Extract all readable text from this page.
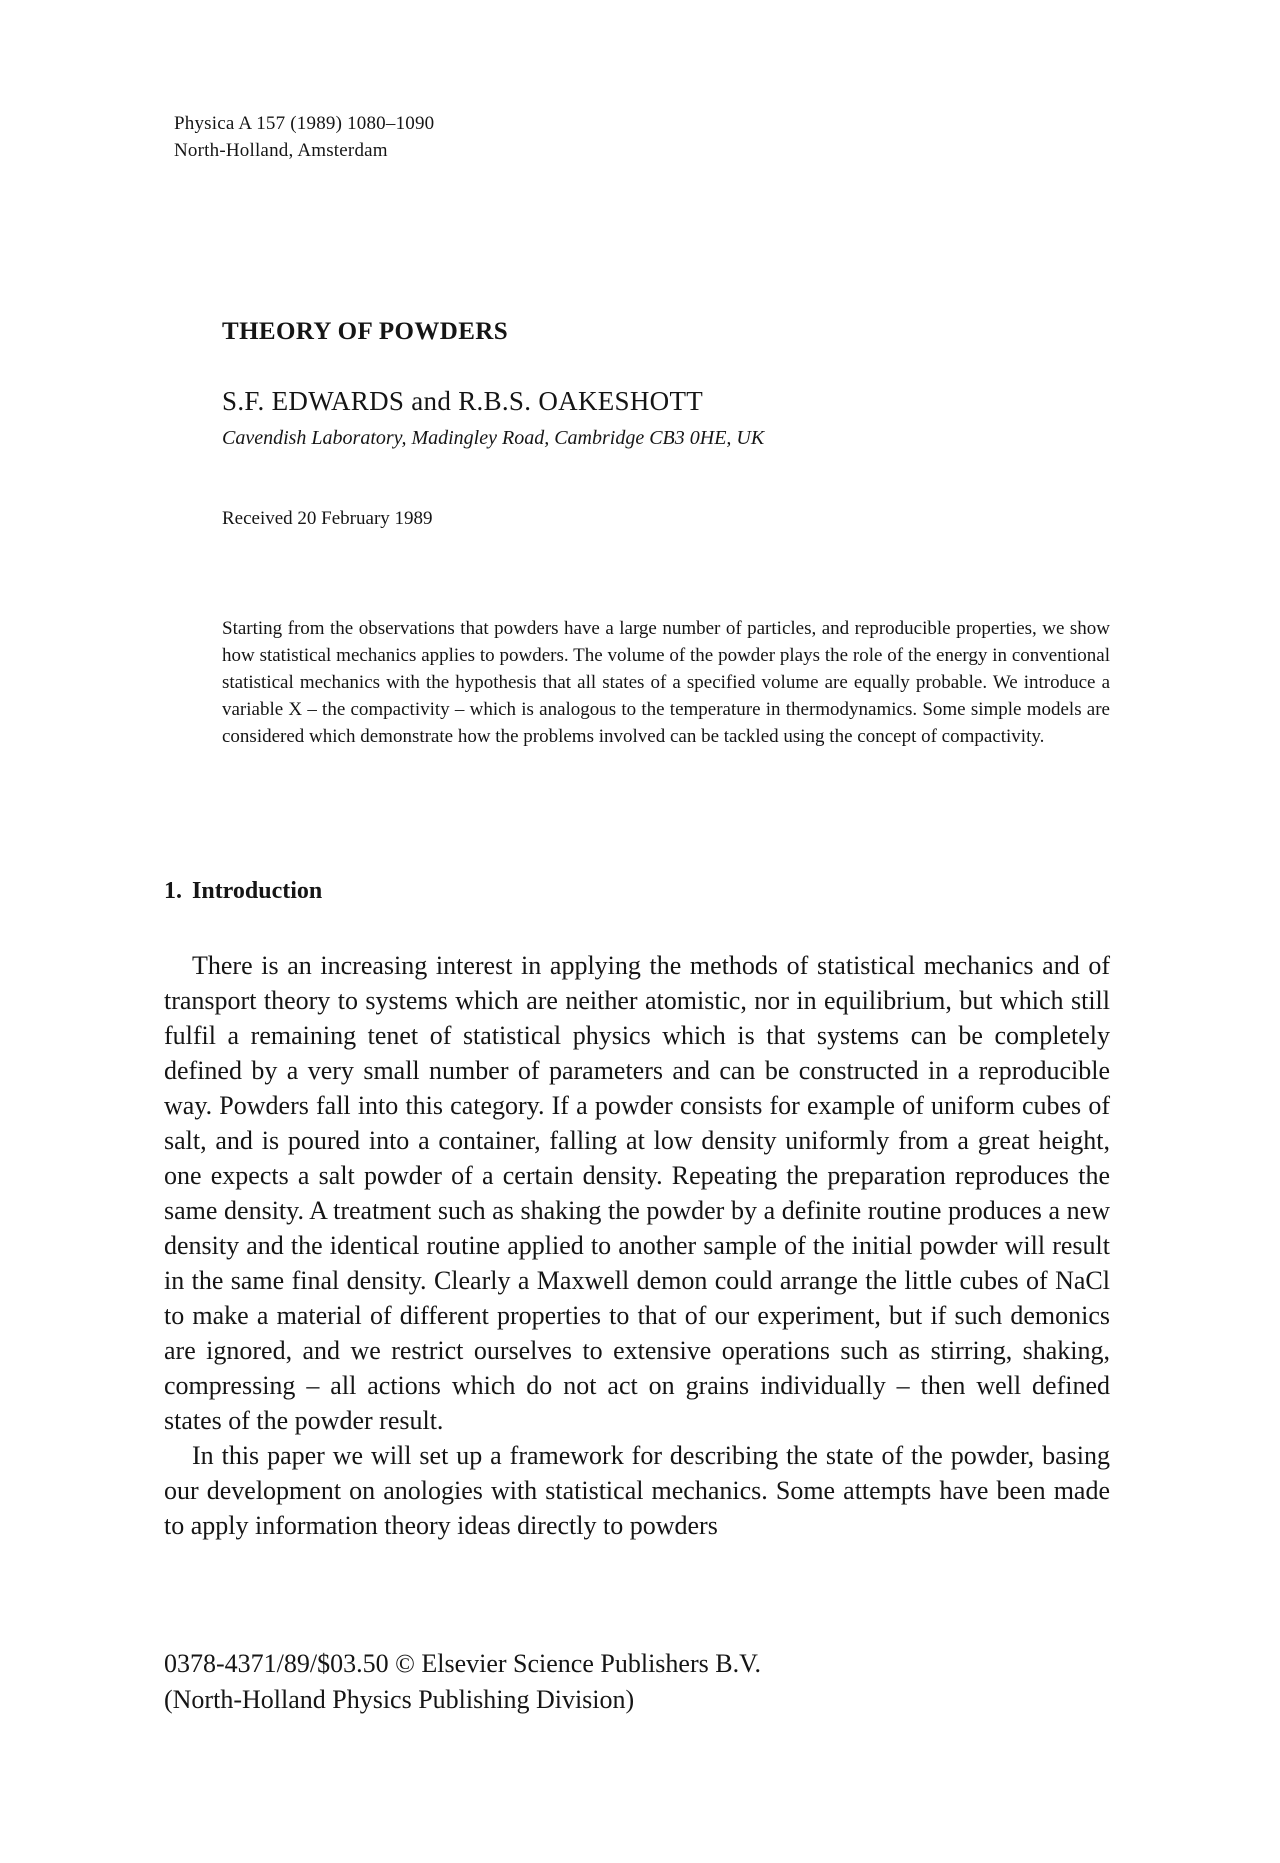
Physica A 157 (1989) 1080–1090
North-Holland, Amsterdam
THEORY OF POWDERS
S.F. EDWARDS and R.B.S. OAKESHOTT
Cavendish Laboratory, Madingley Road, Cambridge CB3 0HE, UK
Received 20 February 1989

Starting from the observations that powders have a large number of particles, and reproducible properties, we show how statistical mechanics applies to powders. The volume of the powder plays the role of the energy in conventional statistical mechanics with the hypothesis that all states of a specified volume are equally probable. We introduce a variable X – the compactivity – which is analogous to the temperature in thermodynamics. Some simple models are considered which demonstrate how the problems involved can be tackled using the concept of compactivity.

1. Introduction

There is an increasing interest in applying the methods of statistical mechanics and of transport theory to systems which are neither atomistic, nor in equilibrium, but which still fulfil a remaining tenet of statistical physics which is that systems can be completely defined by a very small number of parameters and can be constructed in a reproducible way. Powders fall into this category. If a powder consists for example of uniform cubes of salt, and is poured into a container, falling at low density uniformly from a great height, one expects a salt powder of a certain density. Repeating the preparation reproduces the same density. A treatment such as shaking the powder by a definite routine produces a new density and the identical routine applied to another sample of the initial powder will result in the same final density. Clearly a Maxwell demon could arrange the little cubes of NaCl to make a material of different properties to that of our experiment, but if such demonics are ignored, and we restrict ourselves to extensive operations such as stirring, shaking, compressing – all actions which do not act on grains individually – then well defined states of the powder result.

In this paper we will set up a framework for describing the state of the powder, basing our development on anologies with statistical mechanics. Some attempts have been made to apply information theory ideas directly to powders

0378-4371/89/$03.50 © Elsevier Science Publishers B.V.
(North-Holland Physics Publishing Division)
